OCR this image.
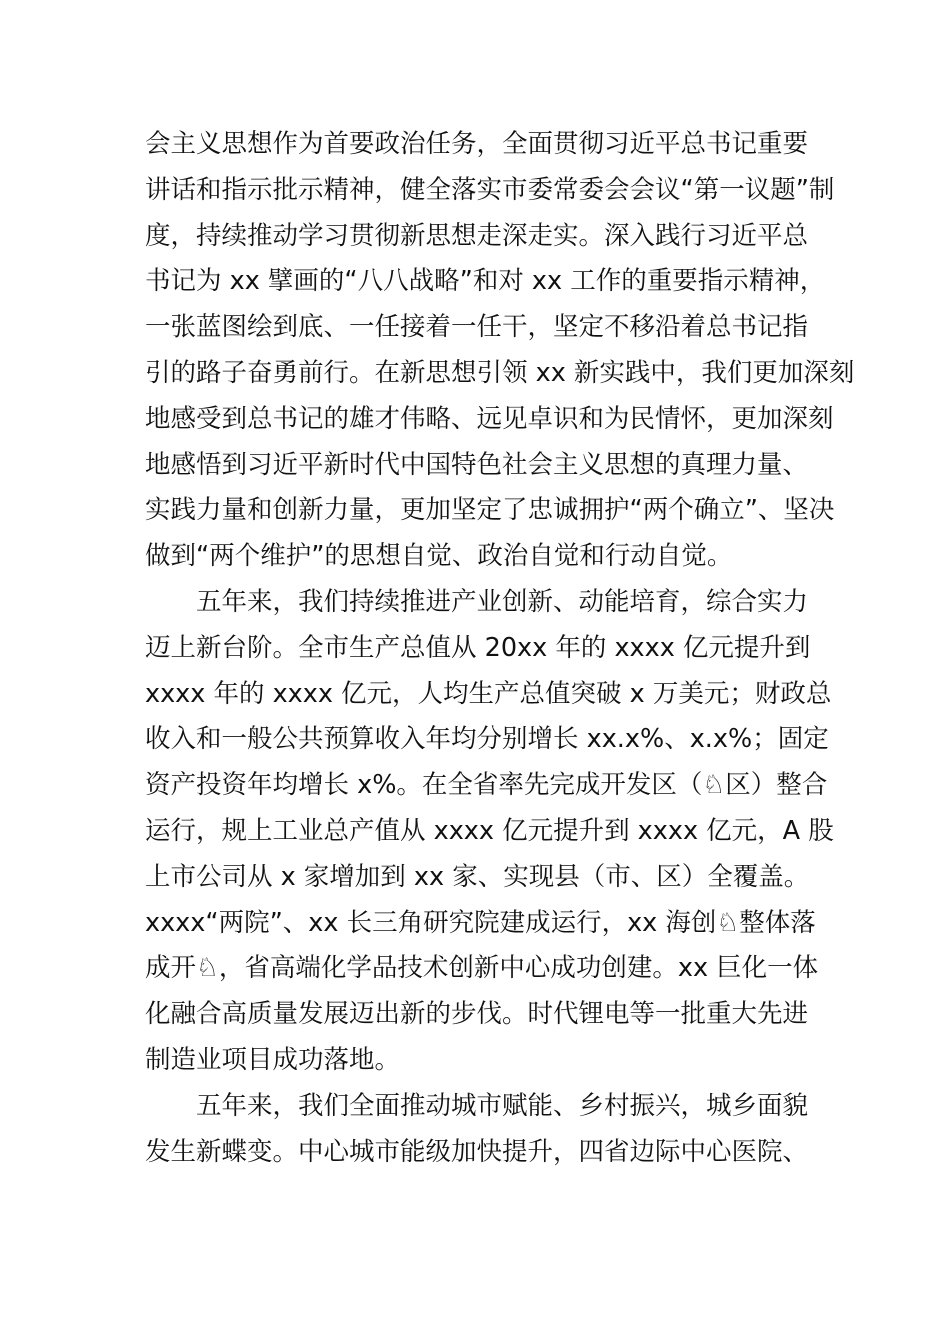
会主义思想作为首要政治任务，全面贯彻习近平总书记重要
讲话和指示批示精神，健全落实市委常委会会议“第一议题”制
度，持续推动学习贯彻新思想走深走实。深入践行习近平总
书记为 xx 擘画的“八八战略”和对 xx 工作的重要指示精神，
一张蓝图绘到底、一任接着一任干，坚定不移沿着总书记指
引的路子奋勇前行。在新思想引领 xx 新实践中，我们更加深刻
地感受到总书记的雄才伟略、远见卓识和为民情怀，更加深刻
地感悟到习近平新时代中国特色社会主义思想的真理力量、
实践力量和创新力量，更加坚定了忠诚拥护“两个确立”、坚决
做到“两个维护”的思想自觉、政治自觉和行动自觉。
五年来，我们持续推进产业创新、动能培育，综合实力
迈上新台阶。全市生产总值从 20xx 年的 xxxx 亿元提升到
xxxx 年的 xxxx 亿元，人均生产总值突破 x 万美元；财政总
收入和一般公共预算收入年均分别增长 xx.x%、x.x%；固定
资产投资年均增长 x%。在全省率先完成开发区（♘区）整合
运行，规上工业总产值从 xxxx 亿元提升到 xxxx 亿元，A 股
上市公司从 x 家增加到 xx 家、实现县（市、区）全覆盖。
xxxx“两院”、xx 长三角研究院建成运行，xx 海创♘整体落
成开♘，省高端化学品技术创新中心成功创建。xx 巨化一体
化融合高质量发展迈出新的步伐。时代锂电等一批重大先进
制造业项目成功落地。
五年来，我们全面推动城市赋能、乡村振兴，城乡面貌
发生新蝶变。中心城市能级加快提升，四省边际中心医院、
